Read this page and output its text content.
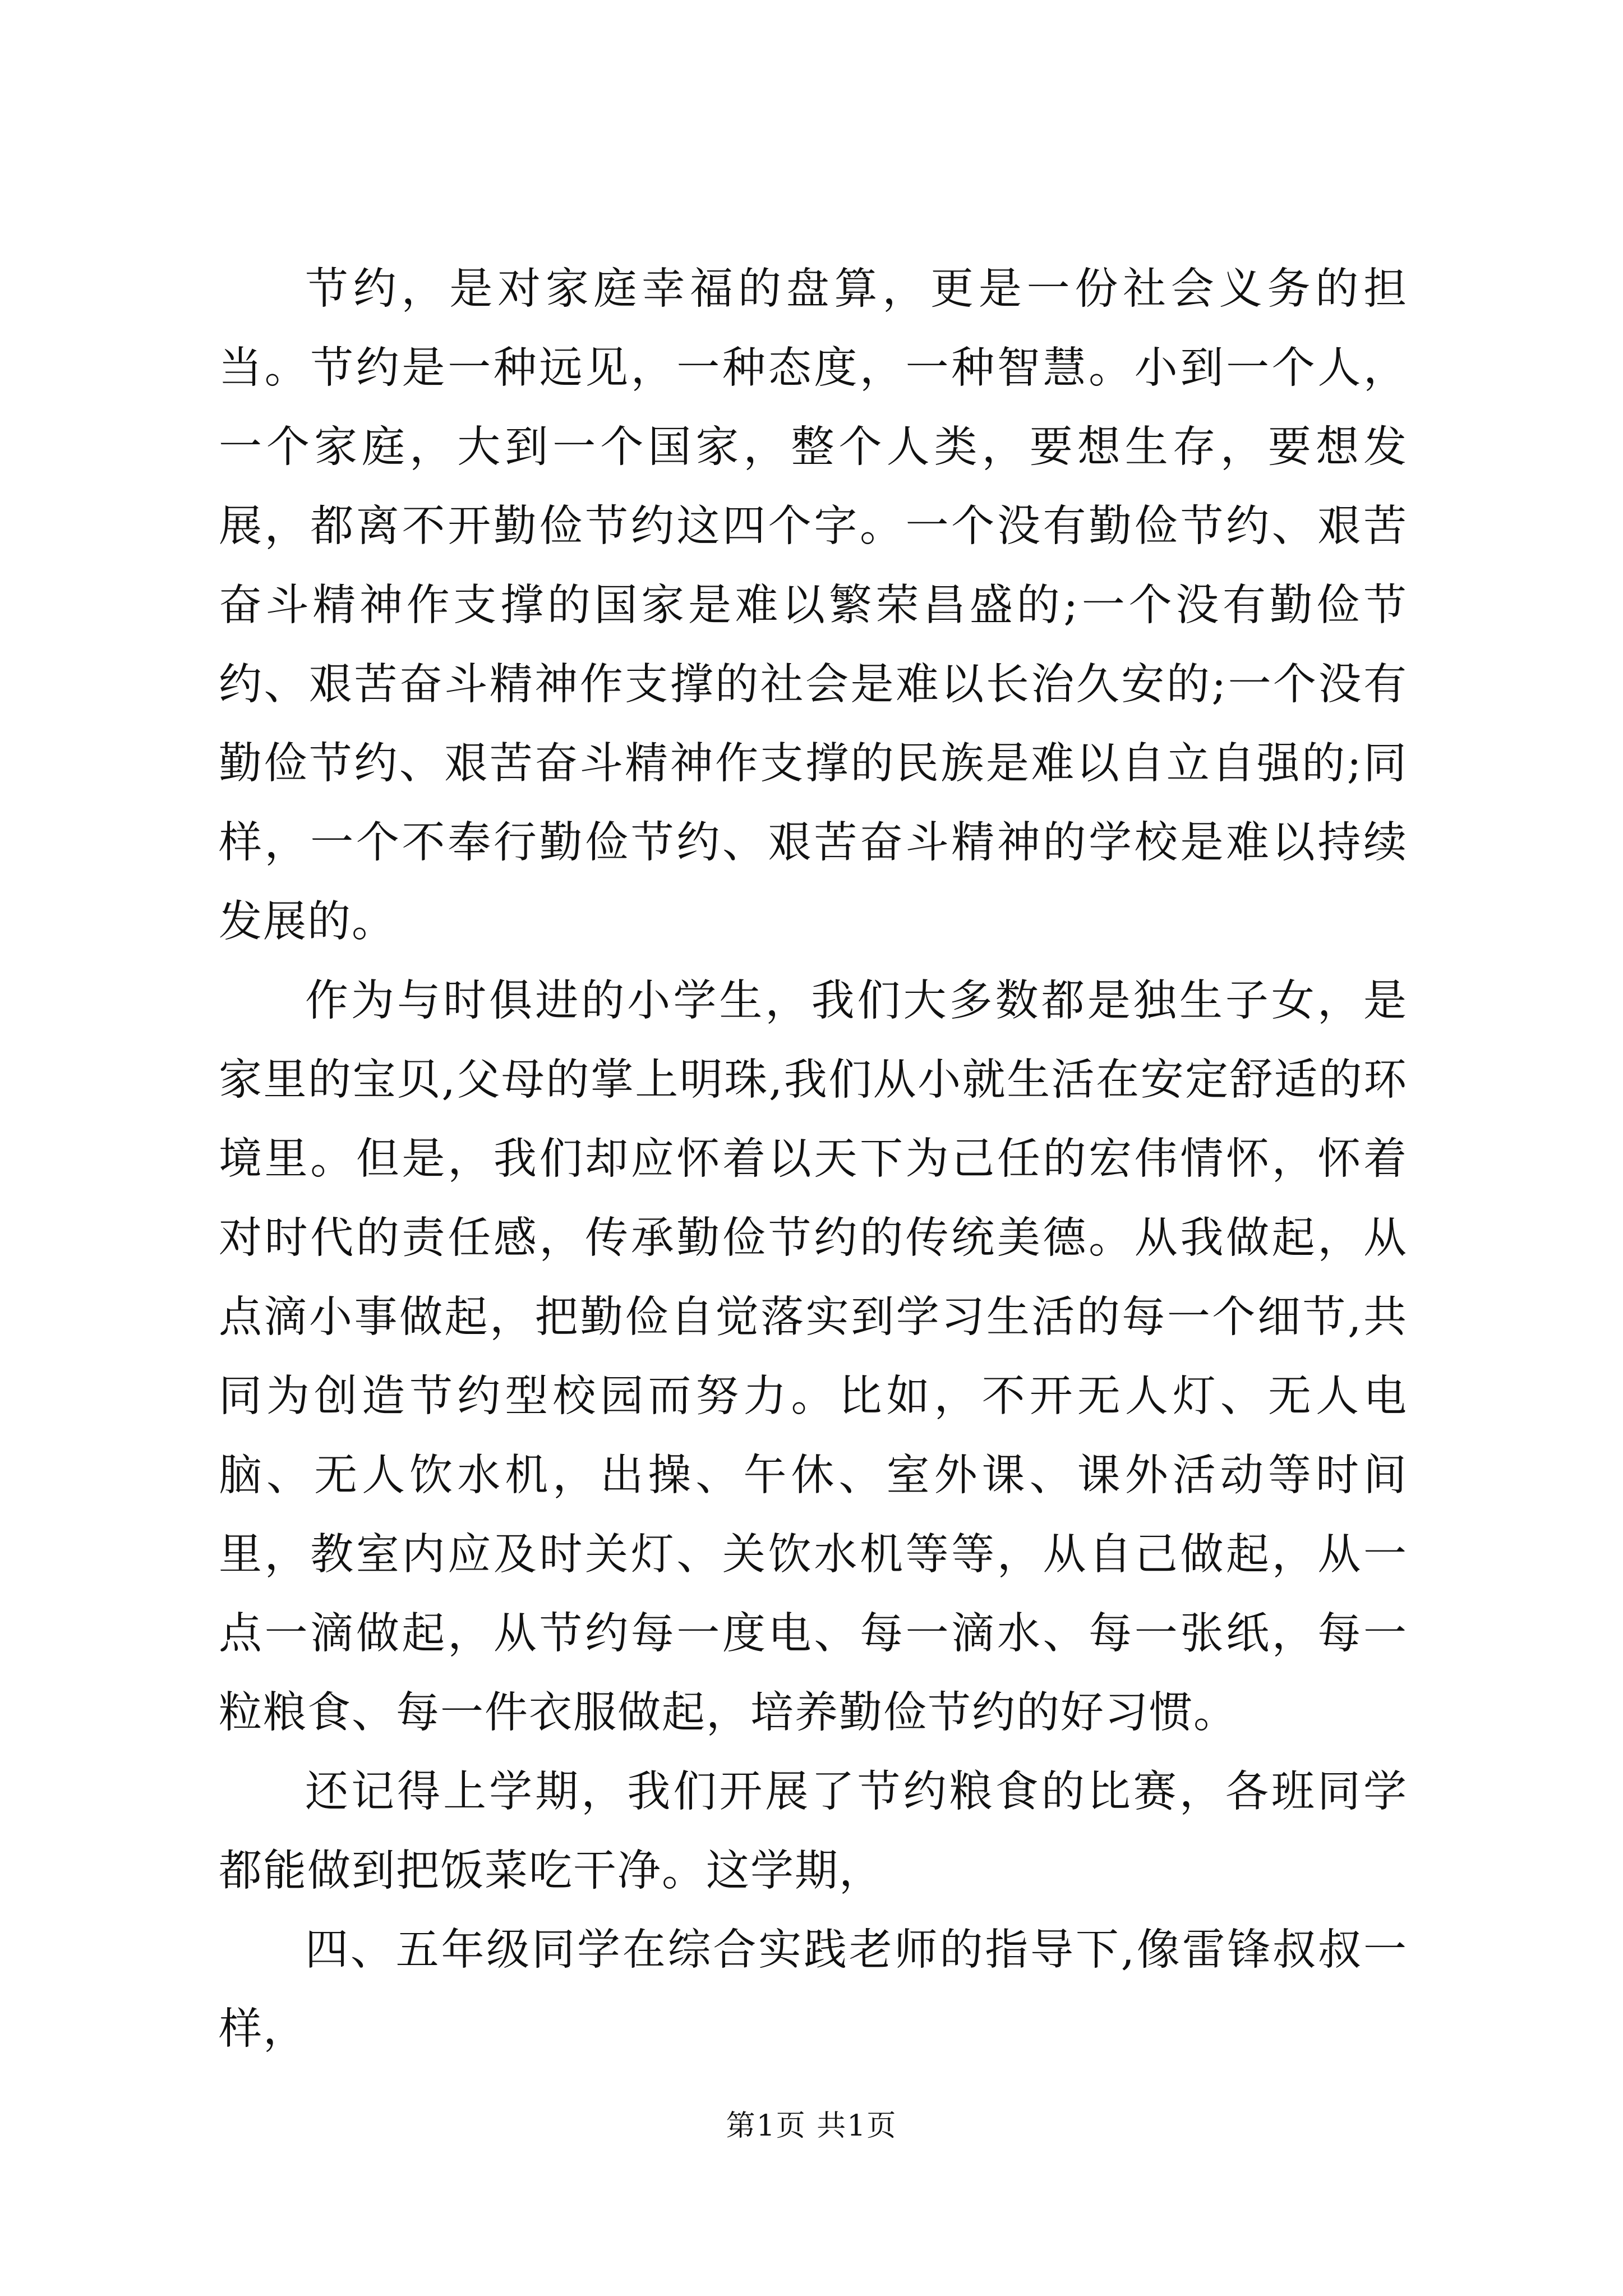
节约，是对家庭幸福的盘算，更是一份社会义务的担当。节约是一种远见，一种态度，一种智慧。小到一个人，一个家庭，大到一个国家，整个人类，要想生存，要想发展，都离不开勤俭节约这四个字。一个没有勤俭节约、艰苦奋斗精神作支撑的国家是难以繁荣昌盛的;一个没有勤俭节约、艰苦奋斗精神作支撑的社会是难以长治久安的;一个没有勤俭节约、艰苦奋斗精神作支撑的民族是难以自立自强的;同样，一个不奉行勤俭节约、艰苦奋斗精神的学校是难以持续发展的。

作为与时俱进的小学生，我们大多数都是独生子女，是家里的宝贝,父母的掌上明珠,我们从小就生活在安定舒适的环境里。但是，我们却应怀着以天下为己任的宏伟情怀，怀着对时代的责任感，传承勤俭节约的传统美德。从我做起，从点滴小事做起，把勤俭自觉落实到学习生活的每一个细节,共同为创造节约型校园而努力。比如，不开无人灯、无人电脑、无人饮水机，出操、午休、室外课、课外活动等时间里，教室内应及时关灯、关饮水机等等，从自己做起，从一点一滴做起，从节约每一度电、每一滴水、每一张纸，每一粒粮食、每一件衣服做起，培养勤俭节约的好习惯。

还记得上学期，我们开展了节约粮食的比赛，各班同学都能做到把饭菜吃干净。这学期，

四、五年级同学在综合实践老师的指导下,像雷锋叔叔一样，

第1页 共1页
